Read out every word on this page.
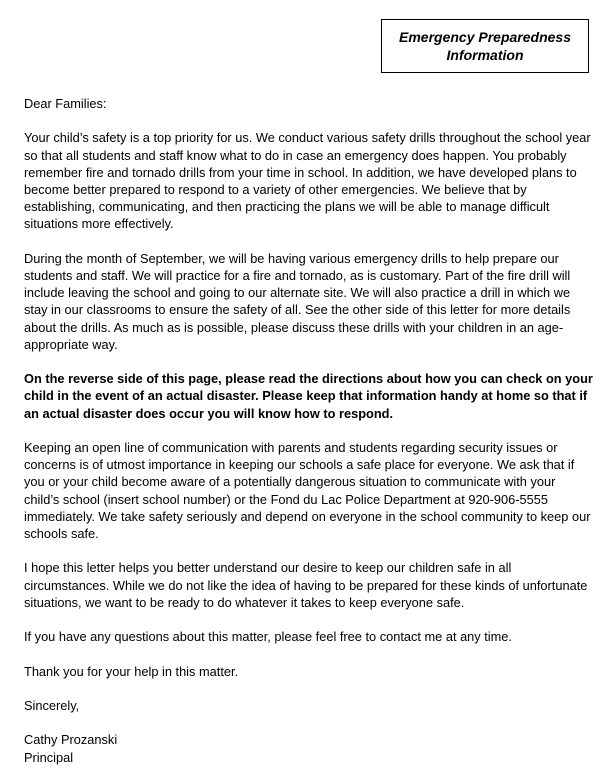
Emergency Preparedness
Information

Dear Families:

Your child’s safety is a top priority for us. We conduct various safety drills throughout the school year so that all students and staff know what to do in case an emergency does happen. You probably remember fire and tornado drills from your time in school. In addition, we have developed plans to become better prepared to respond to a variety of other emergencies. We believe that by establishing, communicating, and then practicing the plans we will be able to manage difficult situations more effectively.

During the month of September, we will be having various emergency drills to help prepare our students and staff. We will practice for a fire and tornado, as is customary. Part of the fire drill will include leaving the school and going to our alternate site. We will also practice a drill in which we stay in our classrooms to ensure the safety of all. See the other side of this letter for more details about the drills. As much as is possible, please discuss these drills with your children in an age-appropriate way.

On the reverse side of this page, please read the directions about how you can check on your child in the event of an actual disaster. Please keep that information handy at home so that if an actual disaster does occur you will know how to respond.

Keeping an open line of communication with parents and students regarding security issues or concerns is of utmost importance in keeping our schools a safe place for everyone. We ask that if you or your child become aware of a potentially dangerous situation to communicate with your child’s school (insert school number) or the Fond du Lac Police Department at 920-906-5555 immediately. We take safety seriously and depend on everyone in the school community to keep our schools safe.

I hope this letter helps you better understand our desire to keep our children safe in all circumstances. While we do not like the idea of having to be prepared for these kinds of unfortunate situations, we want to be ready to do whatever it takes to keep everyone safe.

If you have any questions about this matter, please feel free to contact me at any time.

Thank you for your help in this matter.

Sincerely,

Cathy Prozanski

Principal
